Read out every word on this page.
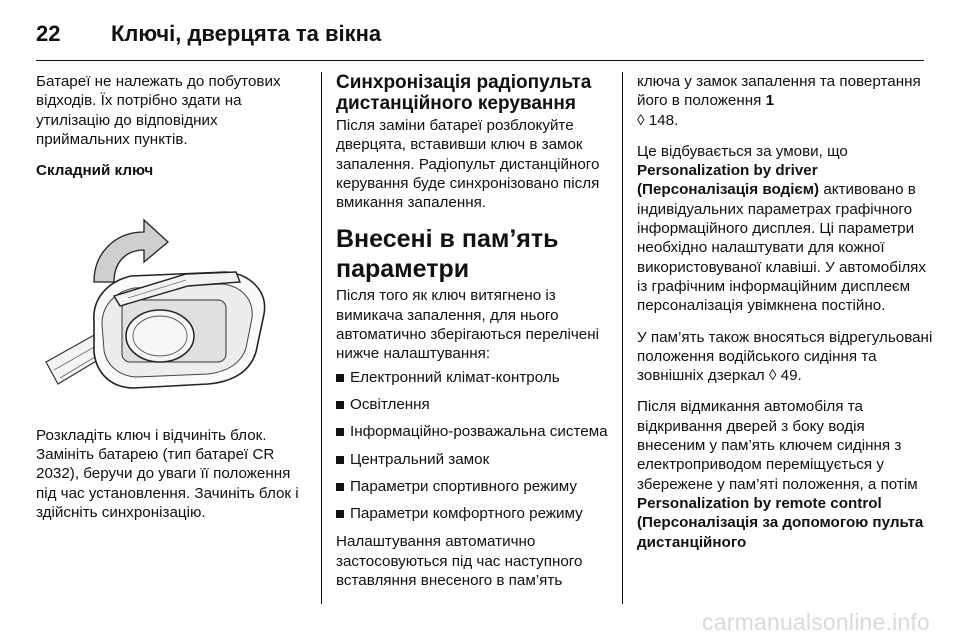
22	Ключі, дверцята та вікна

Батареї не належать до побутових відходів. Їх потрібно здати на утилізацію до відповідних приймальних пунктів.

Складний ключ

Розкладіть ключ і відчиніть блок. Замініть батарею (тип батареї CR 2032), беручи до уваги її положення під час установлення. Зачиніть блок і здійсніть синхронізацію.

Синхронізація радіопульта дистанційного керування

Після заміни батареї розблокуйте дверцята, вставивши ключ в замок запалення. Радіопульт дистанційного керування буде синхронізовано після вмикання запалення.

Внесені в пам’ять параметри

Після того як ключ витягнено із вимикача запалення, для нього автоматично зберігаються перелічені нижче налаштування:

Електронний клімат-контроль
Освітлення
Інформаційно-розважальна система
Центральний замок
Параметри спортивного режиму
Параметри комфортного режиму

Налаштування автоматично застосовуються під час наступного вставляння внесеного в пам’ять

ключа у замок запалення та повертання його в положення 1
◊ 148.

Це відбувається за умови, що Personalization by driver (Персоналізація водієм) активовано в індивідуальних параметрах графічного інформаційного дисплея. Ці параметри необхідно налаштувати для кожної використовуваної клавіші. У автомобілях із графічним інформаційним дисплеєм персоналізація увімкнена постійно.

У пам’ять також вносяться відрегульовані положення водійського сидіння та зовнішніх дзеркал ◊ 49.

Після відмикання автомобіля та відкривання дверей з боку водія внесеним у пам’ять ключем сидіння з електроприводом переміщується у збережене у пам’яті положення, а потім Personalization by remote control (Персоналізація за допомогою пульта дистанційного

carmanualsonline.info
